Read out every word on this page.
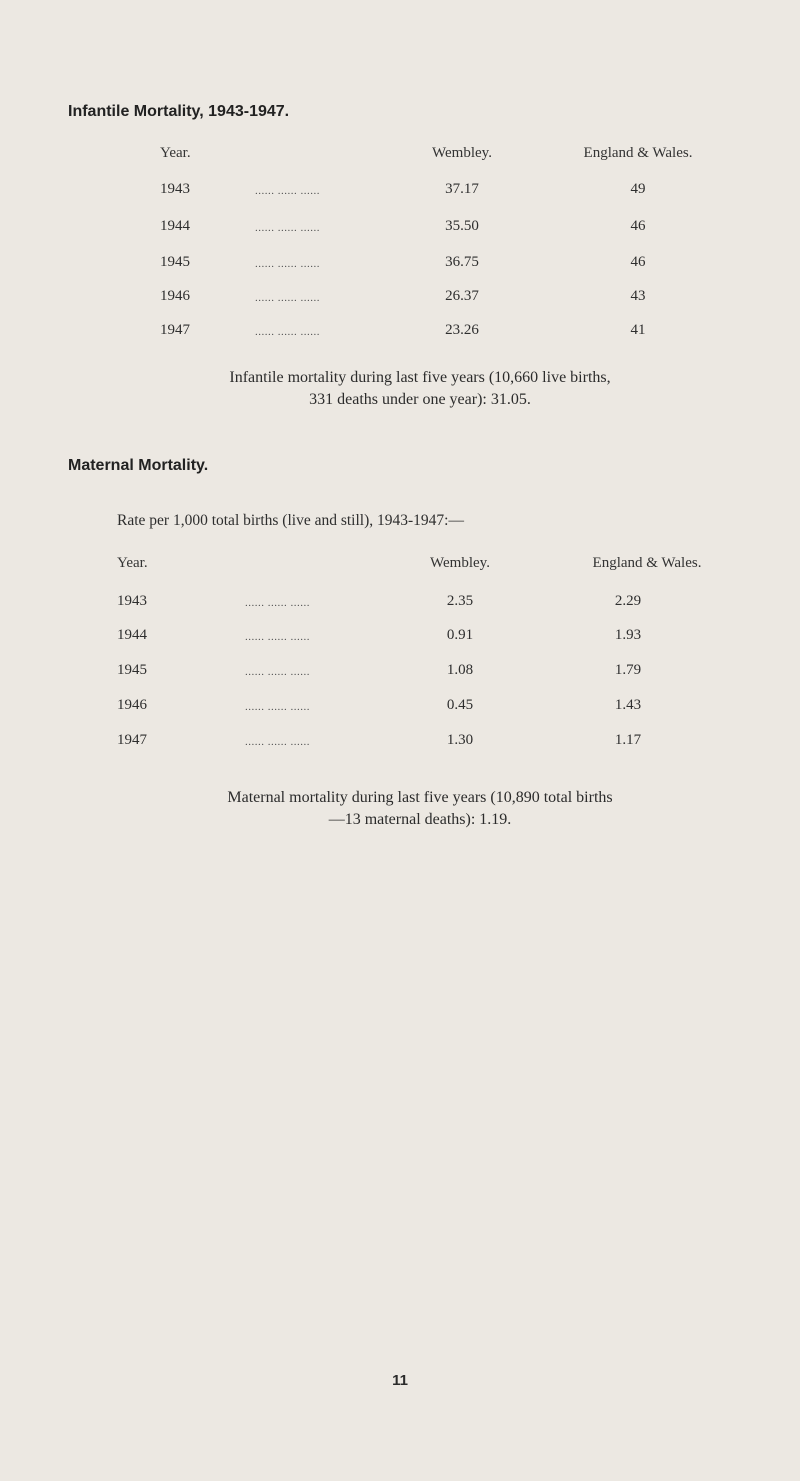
Infantile Mortality, 1943-1947.
Year.	Wembley.	England & Wales.
1943	...... ...... ......	37.17	49
1944	...... ...... ......	35.50	46
1945	...... ...... ......	36.75	46
1946	...... ...... ......	26.37	43
1947	...... ...... ......	23.26	41
Infantile mortality during last five years (10,660 live births,
331 deaths under one year): 31.05.
Maternal Mortality.
Rate per 1,000 total births (live and still), 1943-1947:—
Year.	Wembley.	England & Wales.
1943	...... ...... ......	2.35	2.29
1944	...... ...... ......	0.91	1.93
1945	...... ...... ......	1.08	1.79
1946	...... ...... ......	0.45	1.43
1947	...... ...... ......	1.30	1.17
Maternal mortality during last five years (10,890 total births
—13 maternal deaths): 1.19.
11
